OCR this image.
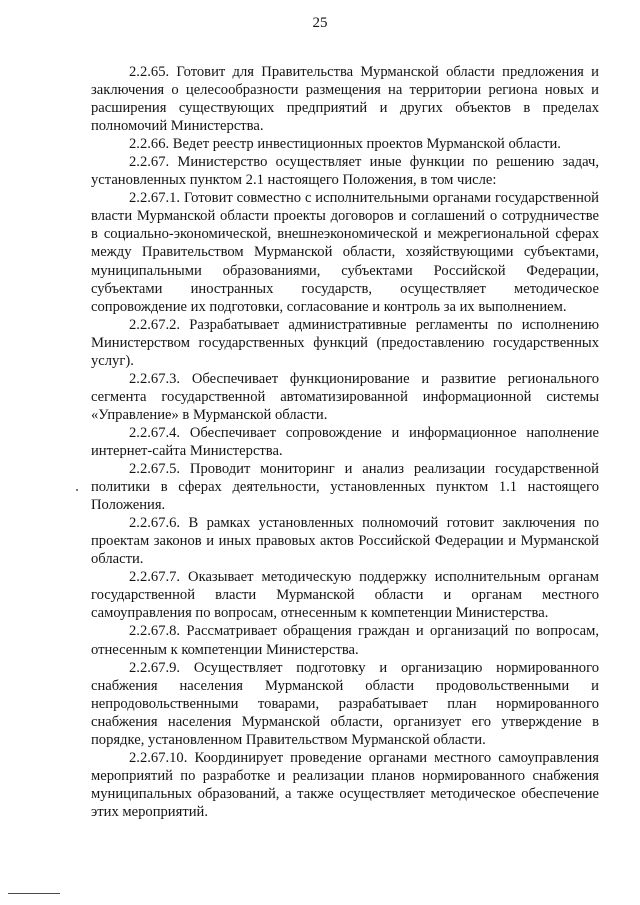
25

2.2.65. Готовит для Правительства Мурманской области предложения и заключения о целесообразности размещения на территории региона новых и расширения существующих предприятий и других объектов в пределах полномочий Министерства.

2.2.66. Ведет реестр инвестиционных проектов Мурманской области.

2.2.67. Министерство осуществляет иные функции по решению задач, установленных пунктом 2.1 настоящего Положения, в том числе:

2.2.67.1. Готовит совместно с исполнительными органами государственной власти Мурманской области проекты договоров и соглашений о сотрудничестве в социально-экономической, внешнеэкономической и межрегиональной сферах между Правительством Мурманской области, хозяйствующими субъектами, муниципальными образованиями, субъектами Российской Федерации, субъектами иностранных государств, осуществляет методическое сопровождение их подготовки, согласование и контроль за их выполнением.

2.2.67.2. Разрабатывает административные регламенты по исполнению Министерством государственных функций (предоставлению государственных услуг).

2.2.67.3. Обеспечивает функционирование и развитие регионального сегмента государственной автоматизированной информационной системы «Управление» в Мурманской области.

2.2.67.4. Обеспечивает сопровождение и информационное наполнение интернет-сайта Министерства.

2.2.67.5. Проводит мониторинг и анализ реализации государственной политики в сферах деятельности, установленных пунктом 1.1 настоящего Положения.

2.2.67.6. В рамках установленных полномочий готовит заключения по проектам законов и иных правовых актов Российской Федерации и Мурманской области.

2.2.67.7. Оказывает методическую поддержку исполнительным органам государственной власти Мурманской области и органам местного самоуправления по вопросам, отнесенным к компетенции Министерства.

2.2.67.8. Рассматривает обращения граждан и организаций по вопросам, отнесенным к компетенции Министерства.

2.2.67.9. Осуществляет подготовку и организацию нормированного снабжения населения Мурманской области продовольственными и непродовольственными товарами, разрабатывает план нормированного снабжения населения Мурманской области, организует его утверждение в порядке, установленном Правительством Мурманской области.

2.2.67.10. Координирует проведение органами местного самоуправления мероприятий по разработке и реализации планов нормированного снабжения муниципальных образований, а также осуществляет методическое обеспечение этих мероприятий.
